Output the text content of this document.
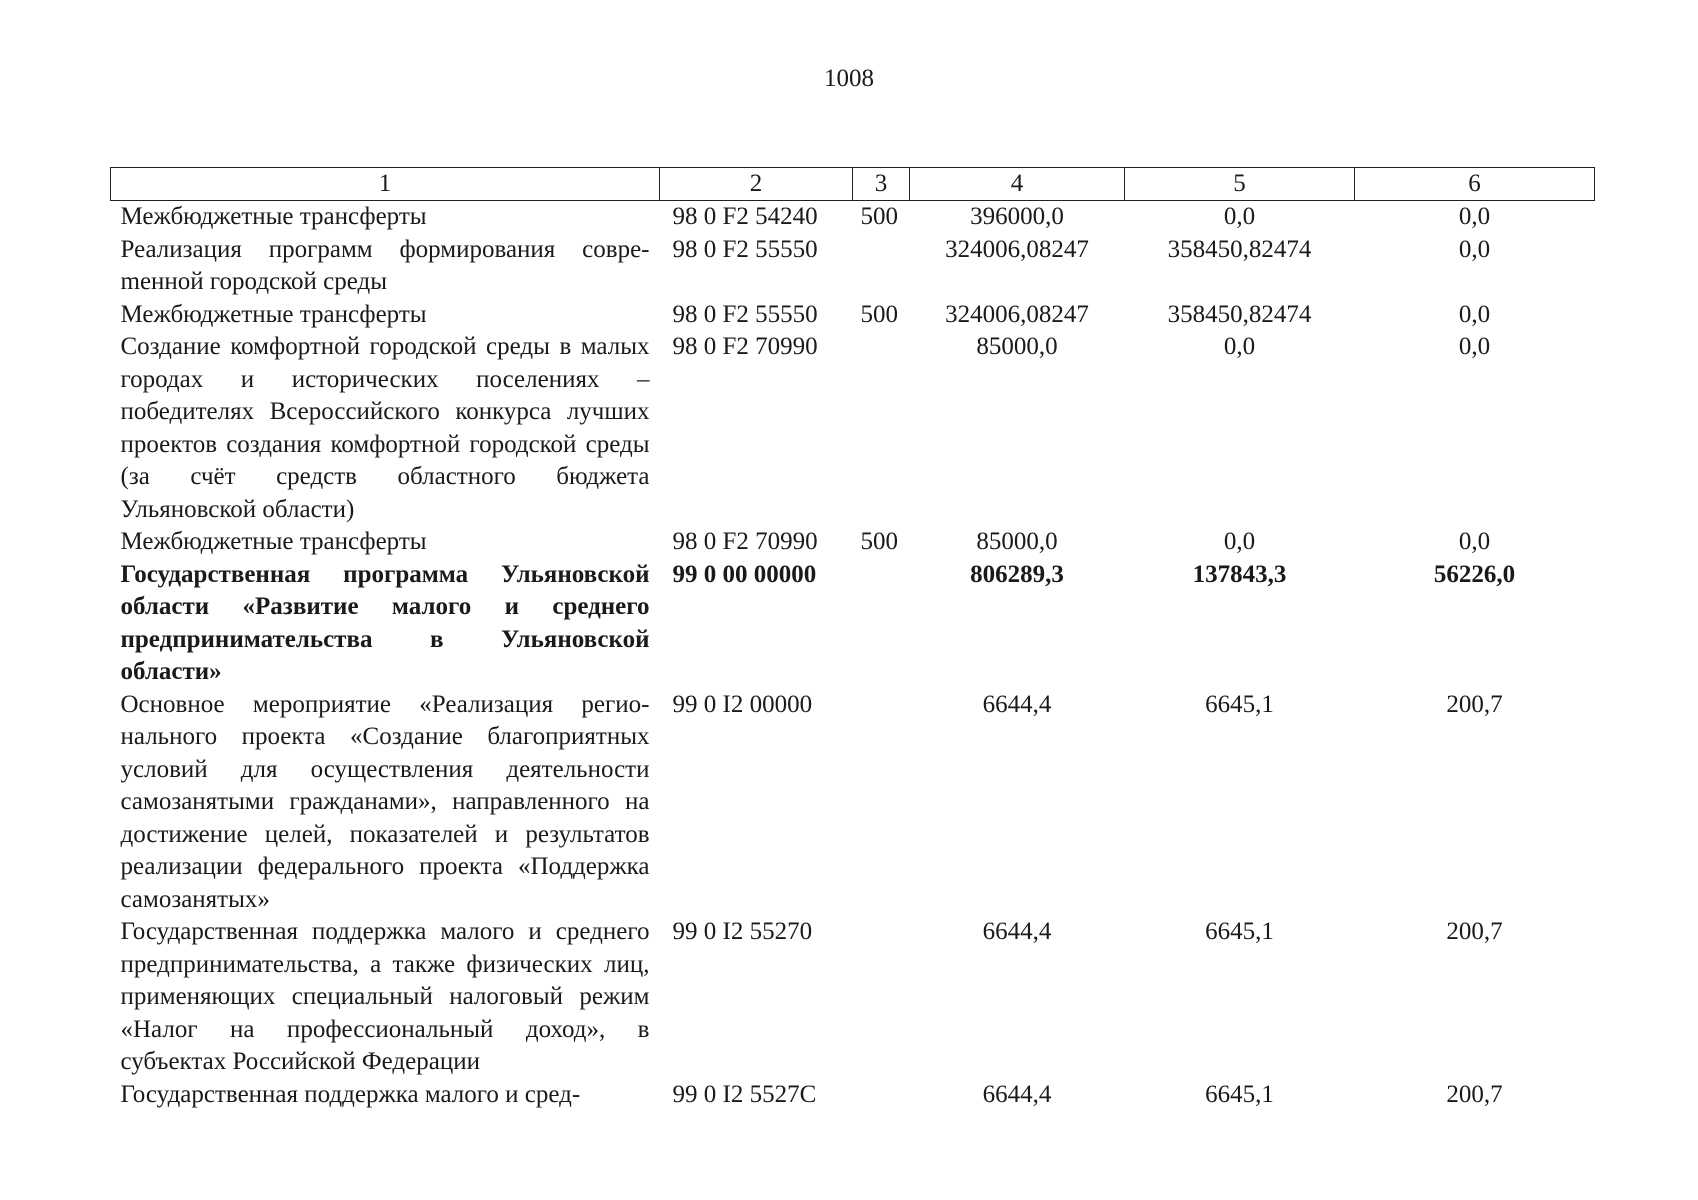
1008
1	2	3	4	5	6
Межбюджетные трансферты	98 0 F2 54240	500	396000,0	0,0	0,0
Реализация программ формирования совреmенной городской среды	98 0 F2 55550		324006,08247	358450,82474	0,0
Межбюджетные трансферты	98 0 F2 55550	500	324006,08247	358450,82474	0,0
Создание комфортной городской среды в малых городах и исторических поселениях – победителях Всероссийского конкурса лучших проектов создания комфортной городской среды (за счёт средств областного бюджета Ульяновской области)	98 0 F2 70990		85000,0	0,0	0,0
Межбюджетные трансферты	98 0 F2 70990	500	85000,0	0,0	0,0
Государственная программа Ульяновской области «Развитие малого и среднего предпринимательства в Ульяновской области»	99 0 00 00000		806289,3	137843,3	56226,0
Основное мероприятие «Реализация регионального проекта «Создание благоприятных условий для осуществления деятельности самозанятыми гражданами», направленного на достижение целей, показателей и результатов реализации федерального проекта «Поддержка самозанятых»	99 0 I2 00000		6644,4	6645,1	200,7
Государственная поддержка малого и среднего предпринимательства, а также физических лиц, применяющих специальный налоговый режим «Налог на профессиональный доход», в субъектах Российской Федерации	99 0 I2 55270		6644,4	6645,1	200,7
Государственная поддержка малого и сред-	99 0 I2 5527C		6644,4	6645,1	200,7
